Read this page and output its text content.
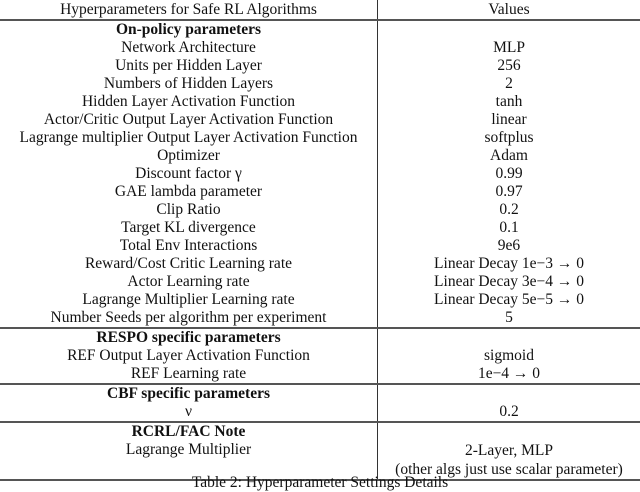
Hyperparameters for Safe RL Algorithms	Values
On-policy parameters	
Network Architecture	MLP
Units per Hidden Layer	256
Numbers of Hidden Layers	2
Hidden Layer Activation Function	tanh
Actor/Critic Output Layer Activation Function	linear
Lagrange multiplier Output Layer Activation Function	softplus
Optimizer	Adam
Discount factor γ	0.99
GAE lambda parameter	0.97
Clip Ratio	0.2
Target KL divergence	0.1
Total Env Interactions	9e6
Reward/Cost Critic Learning rate	Linear Decay 1e−3 → 0
Actor Learning rate	Linear Decay 3e−4 → 0
Lagrange Multiplier Learning rate	Linear Decay 5e−5 → 0
Number Seeds per algorithm per experiment	5
RESPO specific parameters	
REF Output Layer Activation Function	sigmoid
REF Learning rate	1e−4 → 0
CBF specific parameters	
ν	0.2
RCRL/FAC Note	
Lagrange Multiplier	2-Layer, MLP
(other algs just use scalar parameter)
Table 2: Hyperparameter Settings Details
